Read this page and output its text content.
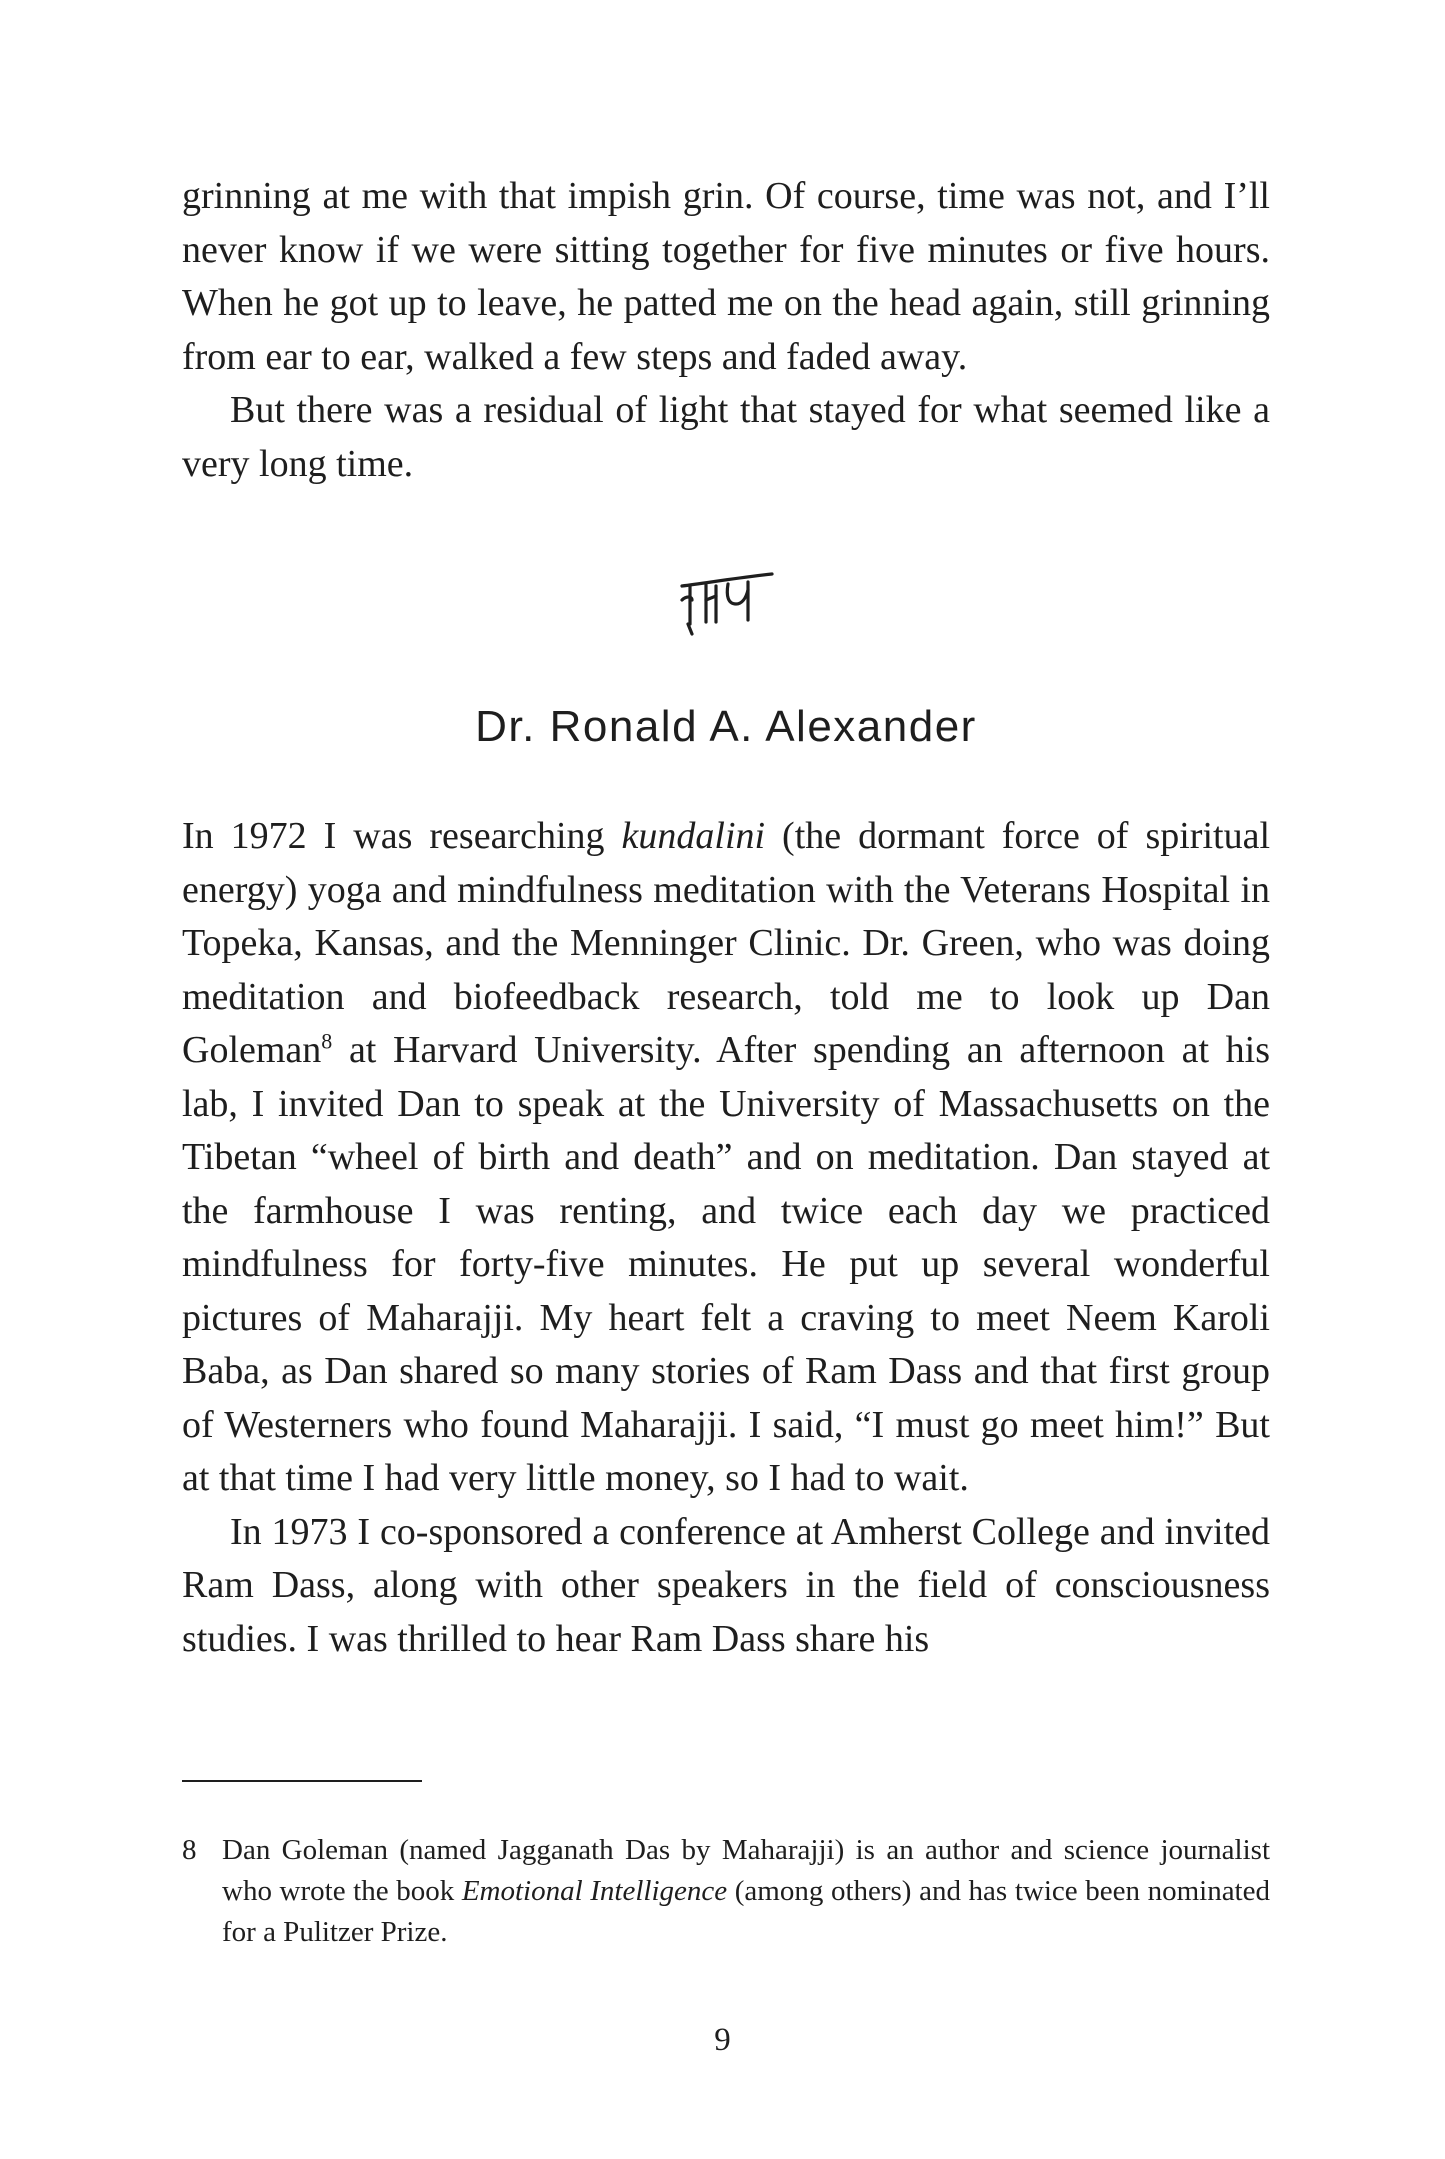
grinning at me with that impish grin. Of course, time was not, and I’ll never know if we were sitting together for five minutes or five hours. When he got up to leave, he patted me on the head again, still grinning from ear to ear, walked a few steps and faded away.

But there was a residual of light that stayed for what seemed like a very long time.

Dr. Ronald A. Alexander

In 1972 I was researching kundalini (the dormant force of spiritual energy) yoga and mindfulness meditation with the Veterans Hospital in Topeka, Kansas, and the Menninger Clinic. Dr. Green, who was doing meditation and biofeedback research, told me to look up Dan Goleman$^8$ at Harvard University. After spending an afternoon at his lab, I invited Dan to speak at the University of Massachusetts on the Tibetan “wheel of birth and death” and on meditation. Dan stayed at the farmhouse I was renting, and twice each day we practiced mindfulness for forty-five minutes. He put up several wonderful pictures of Maharajji. My heart felt a craving to meet Neem Karoli Baba, as Dan shared so many stories of Ram Dass and that first group of Westerners who found Maharajji. I said, “I must go meet him!” But at that time I had very little money, so I had to wait.

In 1973 I co-sponsored a conference at Amherst College and invited Ram Dass, along with other speakers in the field of consciousness studies. I was thrilled to hear Ram Dass share his

8 Dan Goleman (named Jagganath Das by Maharajji) is an author and science journalist who wrote the book Emotional Intelligence (among others) and has twice been nominated for a Pulitzer Prize.
9
